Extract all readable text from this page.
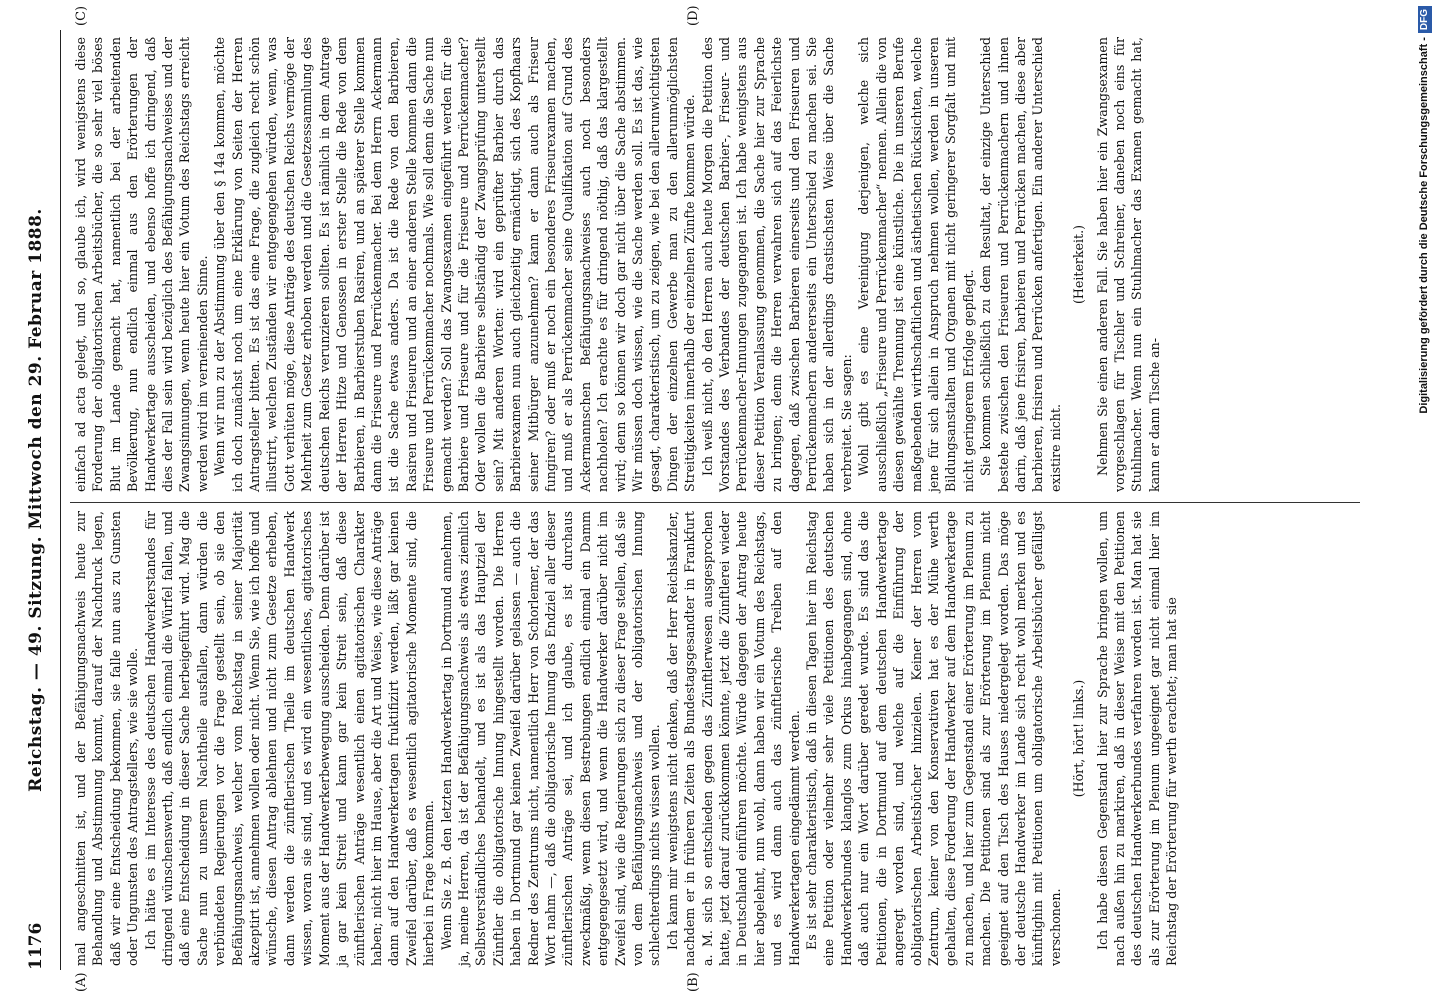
1176
Reichstag. — 49. Sitzung. Mittwoch den 29. Februar 1888.
(A)	(B)
(C)	(D)

mal angeschnitten ist, und der Befähigungsnachweis heute zur Behandlung und Abstimmung kommt, darauf der Nachdruck legen, daß wir eine Entscheidung bekommen, sie falle nun aus zu Gunsten oder Ungunsten des Antragstellers, wie sie wolle. Ich hätte es im Interesse des deutschen Handwerkerstandes für dringend wünschenswerth, daß endlich einmal die Würfel fallen, und daß eine Entscheidung in dieser Sache herbeigeführt wird. Mag die Sache nun zu unserem Nachtheile ausfallen, dann würden die verbündeten Regierungen vor die Frage gestellt sein, ob sie den Befähigungsnachweis, welcher vom Reichstag in seiner Majorität akzeptirt ist, annehmen wollen oder nicht. Wenn Sie, wie ich hoffe und wünsche, diesen Antrag ablehnen und nicht zum Gesetze erheben, dann werden die zünftlerischen Theile im deutschen Handwerk wissen, woran sie sind, und es wird ein wesentliches, agitatorisches Moment aus der Handwerkerbewegung ausscheiden. Denn darüber ist ja gar kein Streit und kann gar kein Streit sein, daß diese zünftlerischen Anträge wesentlich einen agitatorischen Charakter haben; nicht hier im Hause, aber die Art und Weise, wie diese Anträge dann auf den Handwerkertagen fruktifizirt werden, läßt gar keinen Zweifel darüber, daß es wesentlich agitatorische Momente sind, die hierbei in Frage kommen. Wenn Sie z. B. den letzten Handwerkertag in Dortmund annehmen, ja, meine Herren, da ist der Befähigungsnachweis als etwas ziemlich Selbstverständliches behandelt, und es ist als das Hauptziel der Zünftler die obligatorische Innung hingestellt worden. Die Herren haben in Dortmund gar keinen Zweifel darüber gelassen — auch die Redner des Zentrums nicht, namentlich Herr von Schorlemer, der das Wort nahm —, daß die obligatorische Innung das Endziel aller dieser zünftlerischen Anträge sei, und ich glaube, es ist durchaus zweckmäßig, wenn diesen Bestrebungen endlich einmal ein Damm entgegengesetzt wird, und wenn die Handwerker darüber nicht im Zweifel sind, wie die Regierungen sich zu dieser Frage stellen, daß sie von dem Befähigungsnachweis und der obligatorischen Innung schlechterdings nichts wissen wollen. Ich kann mir wenigstens nicht denken, daß der Herr Reichskanzler, nachdem er in früheren Zeiten als Bundestagsgesandter in Frankfurt a. M. sich so entschieden gegen das Zünftlerwesen ausgesprochen hatte, jetzt darauf zurückkommen könnte, jetzt die Zünftlerei wieder in Deutschland einführen möchte. Würde dagegen der Antrag heute hier abgelehnt, nun wohl, dann haben wir ein Votum des Reichstags, und es wird dann auch das zünftlerische Treiben auf den Handwerkertagen eingedämmt werden. Es ist sehr charakteristisch, daß in diesen Tagen hier im Reichstag eine Petition oder vielmehr sehr viele Petitionen des deutschen Handwerkerbundes klanglos zum Orkus hinabgegangen sind, ohne daß auch nur ein Wort darüber geredet wurde. Es sind das die Petitionen, die in Dortmund auf dem deutschen Handwerkertage angeregt worden sind, und welche auf die Einführung der obligatorischen Arbeitsbücher hinzielen. Keiner der Herren vom Zentrum, keiner von den Konservativen hat es der Mühe werth gehalten, diese Forderung der Handwerker auf dem Handwerkertage zu machen, und hier zum Gegenstand einer Erörterung im Plenum zu machen. Die Petitionen sind als zur Erörterung im Plenum nicht geeignet auf den Tisch des Hauses niedergelegt worden. Das möge der deutsche Handwerker im Lande sich recht wohl merken und es künftighin mit Petitionen um obligatorische Arbeitsbücher gefälligst verschonen.

(Hört, hört! links.) Ich habe diesen Gegenstand hier zur Sprache bringen wollen, um nach außen hin zu markiren, daß in dieser Weise mit den Petitionen des deutschen Handwerkerbundes verfahren worden ist. Man hat sie als zur Erörterung im Plenum ungeeignet gar nicht einmal hier im Reichstag der Erörterung für werth erachtet; man hat sie

einfach ad acta gelegt, und so, glaube ich, wird wenigstens diese Forderung der obligatorischen Arbeitsbücher, die so sehr viel böses Blut im Lande gemacht hat, namentlich bei der arbeitenden Bevölkerung, nun endlich einmal aus den Erörterungen der Handwerkertage ausscheiden, und ebenso hoffe ich dringend, daß dies der Fall sein wird bezüglich des Befähigungsnachweises und der Zwangsinnungen, wenn heute hier ein Votum des Reichstags erreicht werden wird im verneinenden Sinne. Wenn wir nun zu der Abstimmung über den § 14a kommen, möchte ich doch zunächst noch um eine Erklärung von Seiten der Herren Antragsteller bitten. Es ist das eine Frage, die zugleich recht schön illustrirt, welchen Zuständen wir entgegengehen würden, wenn, was Gott verhüten möge, diese Anträge des deutschen Reichs vermöge der Mehrheit zum Gesetz erhoben werden und die Gesetzessammlung des deutschen Reichs verunzieren sollten. Es ist nämlich in dem Antrage der Herren Hitze und Genossen in erster Stelle die Rede von dem Barbieren, in Barbierstuben Rasiren, und an späterer Stelle kommen dann die Friseure und Perrückenmacher. Bei dem Herrn Ackermann ist die Sache etwas anders. Da ist die Rede von den Barbieren, Rasiren und Friseuren und an einer anderen Stelle kommen dann die Friseure und Perrückenmacher nochmals. Wie soll denn die Sache nun gemacht werden? Soll das Zwangsexamen eingeführt werden für die Barbiere und Friseure und für die Friseure und Perrückenmacher? Oder wollen die Barbiere selbständig der Zwangsprüfung unterstellt sein? Mit anderen Worten: wird ein geprüfter Barbier durch das Barbierexamen nun auch gleichzeitig ermächtigt, sich des Kopfhaars seiner Mitbürger anzunehmen? kann er dann auch als Friseur fungiren? oder muß er noch ein besonderes Friseurexamen machen, und muß er als Perrückenmacher seine Qualifikation auf Grund des Ackermannschen Befähigungsnachweises auch noch besonders nachholen? Ich erachte es für dringend nöthig, daß das klargestellt wird; denn so können wir doch gar nicht über die Sache abstimmen. Wir müssen doch wissen, wie die Sache werden soll. Es ist das, wie gesagt, charakteristisch, um zu zeigen, wie bei den allerunwichtigsten Dingen der einzelnen Gewerbe man zu den allerunmöglichsten Streitigkeiten innerhalb der einzelnen Zünfte kommen würde. Ich weiß nicht, ob den Herren auch heute Morgen die Petition des Vorstandes des Verbandes der deutschen Barbier-, Friseur- und Perrückenmacher-Innungen zugegangen ist. Ich habe wenigstens aus dieser Petition Veranlassung genommen, die Sache hier zur Sprache zu bringen; denn die Herren verwahren sich auf das Feierlichste dagegen, daß zwischen Barbieren einerseits und den Friseuren und Perrückenmachern andererseits ein Unterschied zu machen sei. Sie haben sich in der allerdings drastischsten Weise über die Sache verbreitet. Sie sagen: Wohl gibt es eine Vereinigung derjenigen, welche sich ausschließlich „Friseure und Perrückenmacher“ nennen. Allein die von diesen gewählte Trennung ist eine künstliche. Die in unseren Berufe maßgebenden wirthschaftlichen und ästhetischen Rücksichten, welche jene für sich allein in Anspruch nehmen wollen, werden in unseren Bildungsanstalten und Organen mit nicht geringerer Sorgfalt und mit nicht geringerem Erfolge gepflegt. Sie kommen schließlich zu dem Resultat, der einzige Unterschied bestehe zwischen den Friseuren und Perrückenmachern und ihnen darin, daß jene frisiren, barbieren und Perrücken machen, diese aber barbieren, frisiren und Perrücken anfertigen. Ein anderer Unterschied existire nicht.

(Heiterkeit.) Nehmen Sie einen anderen Fall. Sie haben hier ein Zwangsexamen vorgeschlagen für Tischler und Schreiner, daneben noch eins für Stuhlmacher. Wenn nun ein Stuhlmacher das Examen gemacht hat, kann er dann Tische an-

Digitalisierung gefördert durch die Deutsche Forschungsgemeinschaft -DFG
